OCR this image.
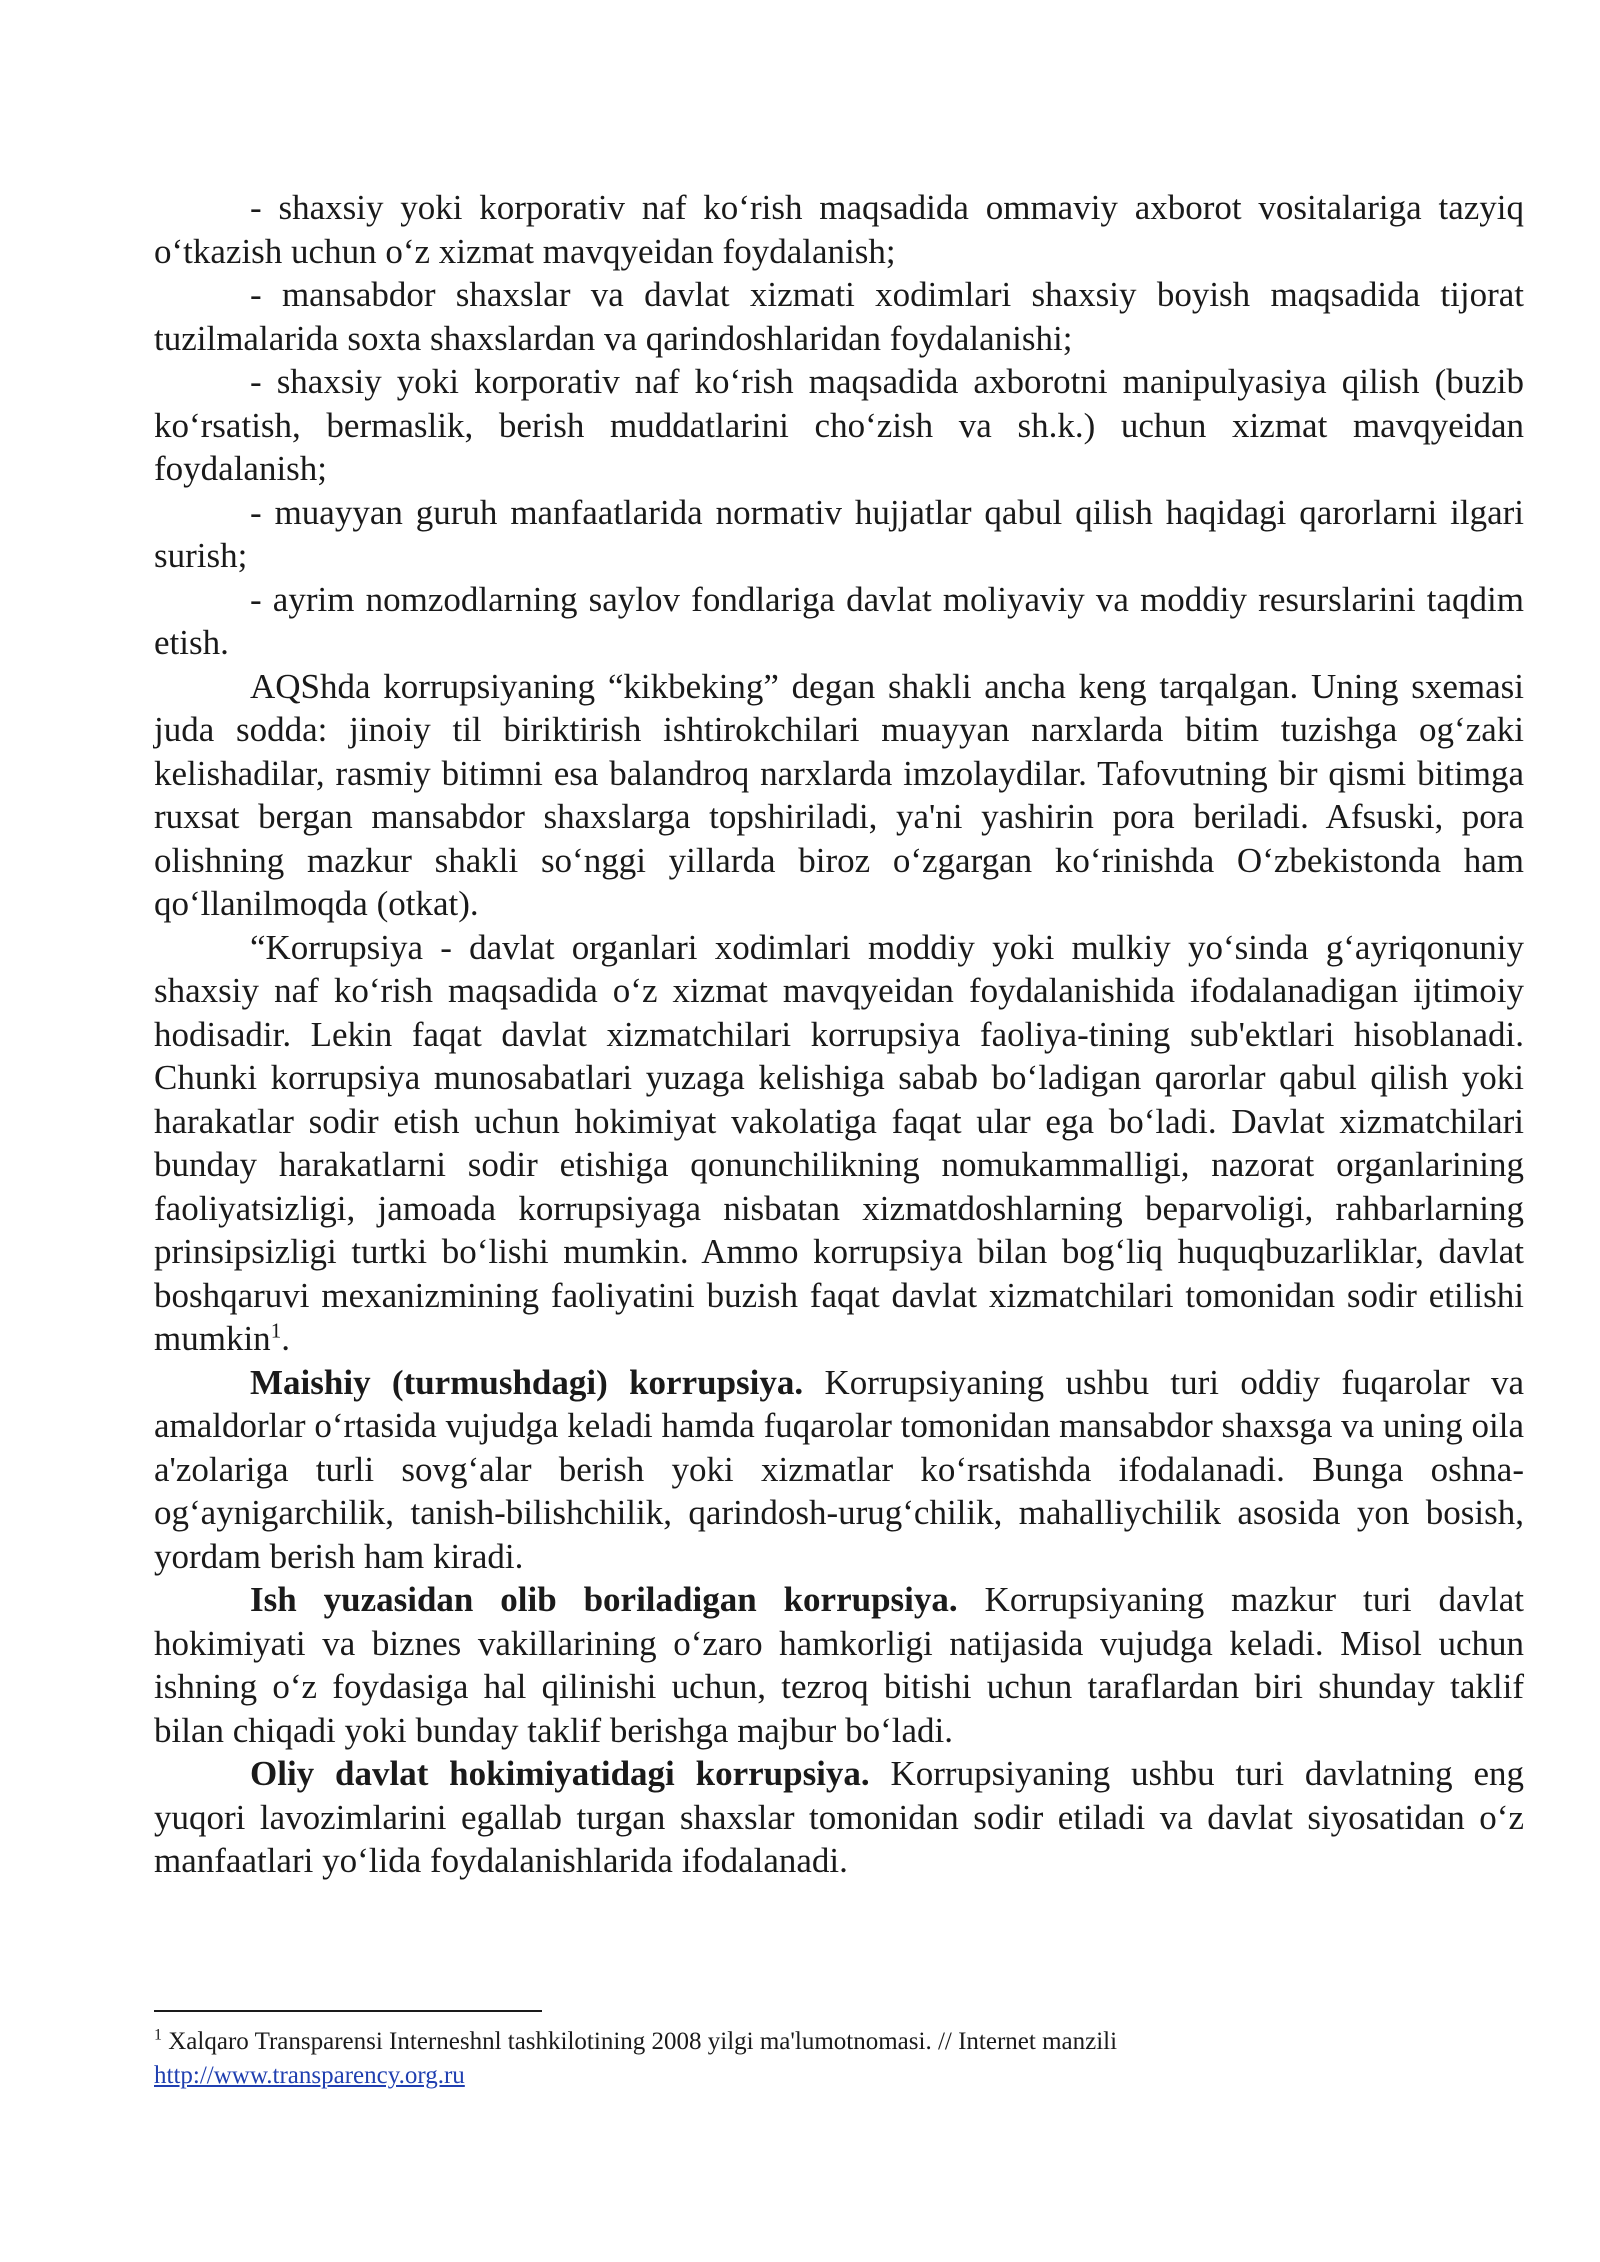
- shaxsiy yoki korporativ naf ko‘rish maqsadida ommaviy axborot vositalariga tazyiq o‘tkazish uchun o‘z xizmat mavqyeidan foydalanish;

- mansabdor shaxslar va davlat xizmati xodimlari shaxsiy boyish maqsadida tijorat tuzilmalarida soxta shaxslardan va qarindoshlaridan foydalanishi;

- shaxsiy yoki korporativ naf ko‘rish maqsadida axborotni manipulyasiya qilish (buzib ko‘rsatish, bermaslik, berish muddatlarini cho‘zish va sh.k.) uchun xizmat mavqyeidan foydalanish;

- muayyan guruh manfaatlarida normativ hujjatlar qabul qilish haqidagi qarorlarni ilgari surish;

- ayrim nomzodlarning saylov fondlariga davlat moliyaviy va moddiy resurslarini taqdim etish.

AQShda korrupsiyaning “kikbeking” degan shakli ancha keng tarqalgan. Uning sxemasi juda sodda: jinoiy til biriktirish ishtirokchilari muayyan narxlarda bitim tuzishga og‘zaki kelishadilar, rasmiy bitimni esa balandroq narxlarda imzolaydilar. Tafovutning bir qismi bitimga ruxsat bergan mansabdor shaxslarga topshiriladi, ya'ni yashirin pora beriladi. Afsuski, pora olishning mazkur shakli so‘nggi yillarda biroz o‘zgargan ko‘rinishda O‘zbekistonda ham qo‘llanilmoqda (otkat).

“Korrupsiya - davlat organlari xodimlari moddiy yoki mulkiy yo‘sinda g‘ayriqonuniy shaxsiy naf ko‘rish maqsadida o‘z xizmat mavqyeidan foydalanishida ifodalanadigan ijtimoiy hodisadir. Lekin faqat davlat xizmatchilari korrupsiya faoliya-tining sub'ektlari hisoblanadi. Chunki korrupsiya munosabatlari yuzaga kelishiga sabab bo‘ladigan qarorlar qabul qilish yoki harakatlar sodir etish uchun hokimiyat vakolatiga faqat ular ega bo‘ladi. Davlat xizmatchilari bunday harakatlarni sodir etishiga qonunchilikning nomukammalligi, nazorat organlarining faoliyatsizligi, jamoada korrupsiyaga nisbatan xizmatdoshlarning beparvoligi, rahbarlarning prinsipsizligi turtki bo‘lishi mumkin. Ammo korrupsiya bilan bog‘liq huquqbuzarliklar, davlat boshqaruvi mexanizmining faoliyatini buzish faqat davlat xizmatchilari tomonidan sodir etilishi mumkin$^1$.

Maishiy (turmushdagi) korrupsiya. Korrupsiyaning ushbu turi oddiy fuqarolar va amaldorlar o‘rtasida vujudga keladi hamda fuqarolar tomonidan mansabdor shaxsga va uning oila a'zolariga turli sovg‘alar berish yoki xizmatlar ko‘rsatishda ifodalanadi. Bunga oshna-og‘aynigarchilik, tanish-bilishchilik, qarindosh-urug‘chilik, mahalliychilik asosida yon bosish, yordam berish ham kiradi.

Ish yuzasidan olib boriladigan korrupsiya. Korrupsiyaning mazkur turi davlat hokimiyati va biznes vakillarining o‘zaro hamkorligi natijasida vujudga keladi. Misol uchun ishning o‘z foydasiga hal qilinishi uchun, tezroq bitishi uchun taraflardan biri shunday taklif bilan chiqadi yoki bunday taklif berishga majbur bo‘ladi.

Oliy davlat hokimiyatidagi korrupsiya. Korrupsiyaning ushbu turi davlatning eng yuqori lavozimlarini egallab turgan shaxslar tomonidan sodir etiladi va davlat siyosatidan o‘z manfaatlari yo‘lida foydalanishlarida ifodalanadi.

$^1$ Xalqaro Transparensi Interneshnl tashkilotining 2008 yilgi ma'lumotnomasi. // Internet manzili
http://www.transparency.org.ru
